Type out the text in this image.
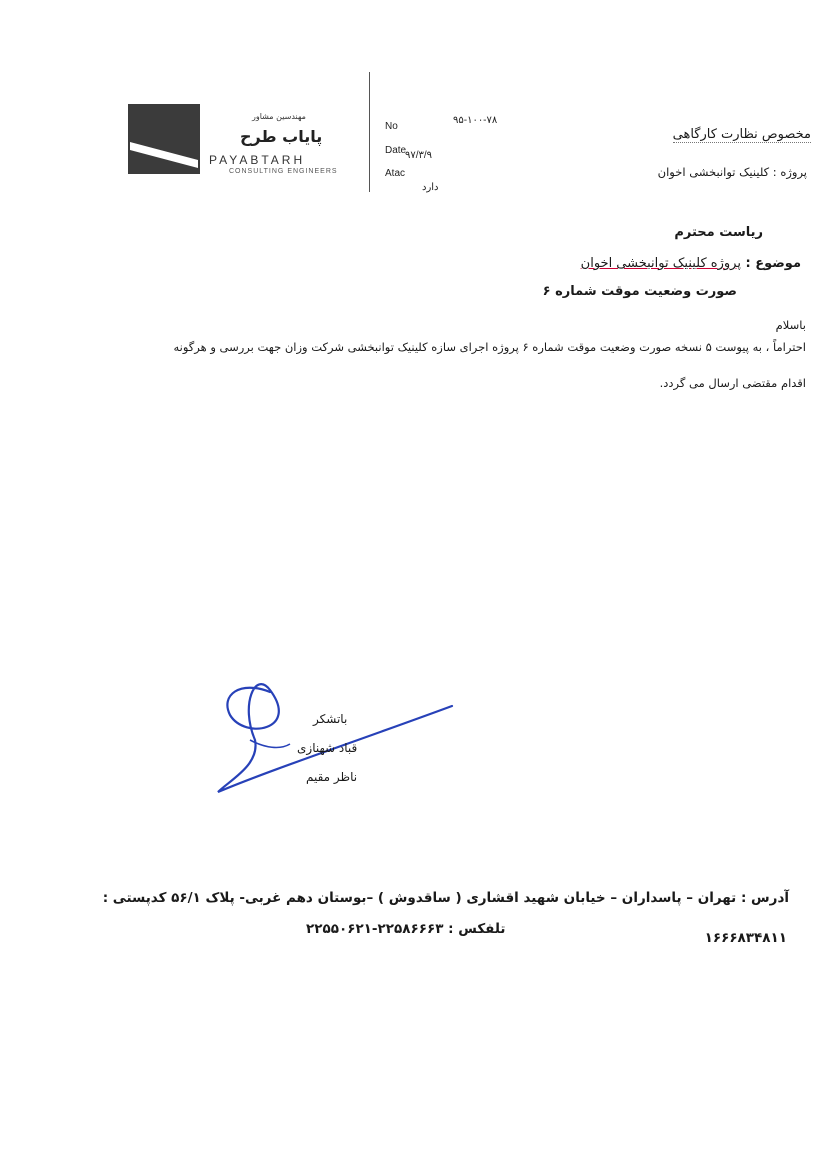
مهندسین مشاور
پایاب طرح
PAYABTARH
CONSULTING ENGINEERS
No
۹۵-۱۰۰-۷۸
Date
۹۷/۳/۹
Atac
دارد
مخصوص نظارت کارگاهی
پروژه : کلینیک توانبخشی اخوان
ریاست محترم
موضوع : پروژه کلینیک توانبخشی اخوان
صورت وضعیت موقت شماره ۶
باسلام
احتراماً ، به پیوست ۵ نسخه صورت وضعیت موقت شماره ۶ پروژه اجرای سازه کلینیک توانبخشی شرکت وزان جهت بررسی و هرگونه
اقدام مقتضی ارسال می گردد.
باتشکر
قباد شهنازی
ناظر مقیم
آدرس : تهران – پاسداران – خیابان شهید اقشاری ( ساقدوش ) –بوستان دهم غربی- پلاک ۵۶/۱ کدپستی :
تلفکس : ۲۲۵۸۶۶۶۳-۲۲۵۵۰۶۲۱
۱۶۶۶۸۳۴۸۱۱
